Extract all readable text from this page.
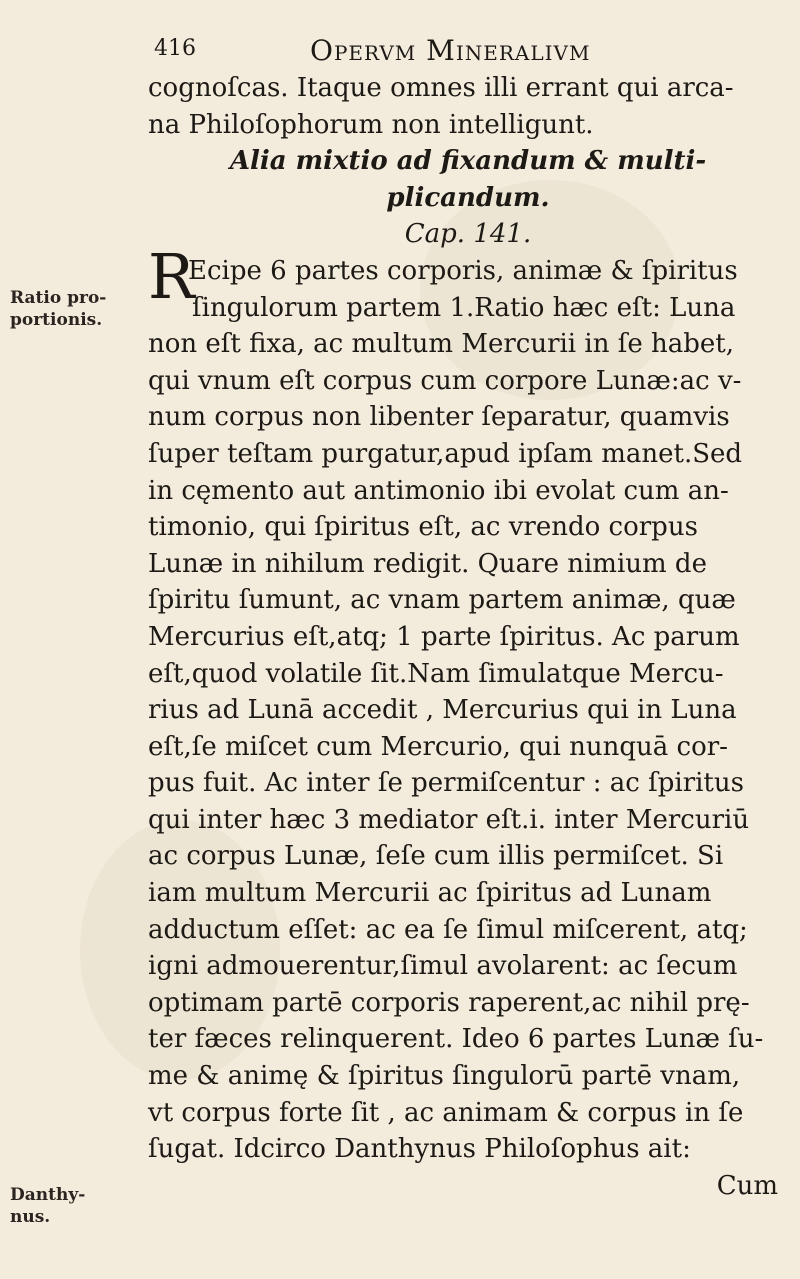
416	Opervm Mineralivm
Ratio pro-
portionis.
Danthy-
nus.
cognoſcas. Itaque omnes illi errant qui arca-
na Philoſophorum non intelligunt.
Alia mixtio ad fixandum & multi-
plicandum.
Cap. 141.
REcipe 6 partes corporis, animæ & ſpiritus
ſingulorum partem 1.Ratio hæc eſt: Luna
non eſt fixa, ac multum Mercurii in ſe habet,
qui vnum eſt corpus cum corpore Lunæ:ac v-
num corpus non libenter ſeparatur, quamvis
ſuper teſtam purgatur,apud ipſam manet.Sed
in cęmento aut antimonio ibi evolat cum an-
timonio, qui ſpiritus eſt, ac vrendo corpus
Lunæ in nihilum redigit. Quare nimium de
ſpiritu ſumunt, ac vnam partem animæ, quæ
Mercurius eſt,atq; 1 parte ſpiritus. Ac parum
eſt,quod volatile ſit.Nam ſimulatque Mercu-
rius ad Lunā accedit , Mercurius qui in Luna
eſt,ſe miſcet cum Mercurio, qui nunquā cor-
pus fuit. Ac inter ſe permiſcentur : ac ſpiritus
qui inter hæc 3 mediator eſt.i. inter Mercuriū
ac corpus Lunæ, ſeſe cum illis permiſcet. Si
iam multum Mercurii ac ſpiritus ad Lunam
adductum eſſet: ac ea ſe ſimul miſcerent, atq;
igni admouerentur,ſimul avolarent: ac ſecum
optimam partē corporis raperent,ac nihil prę-
ter fæces relinquerent. Ideo 6 partes Lunæ ſu-
me & animę & ſpiritus ſingulorū partē vnam,
vt corpus forte ſit , ac animam & corpus in ſe
ſugat. Idcirco Danthynus Philoſophus ait:
Cum
